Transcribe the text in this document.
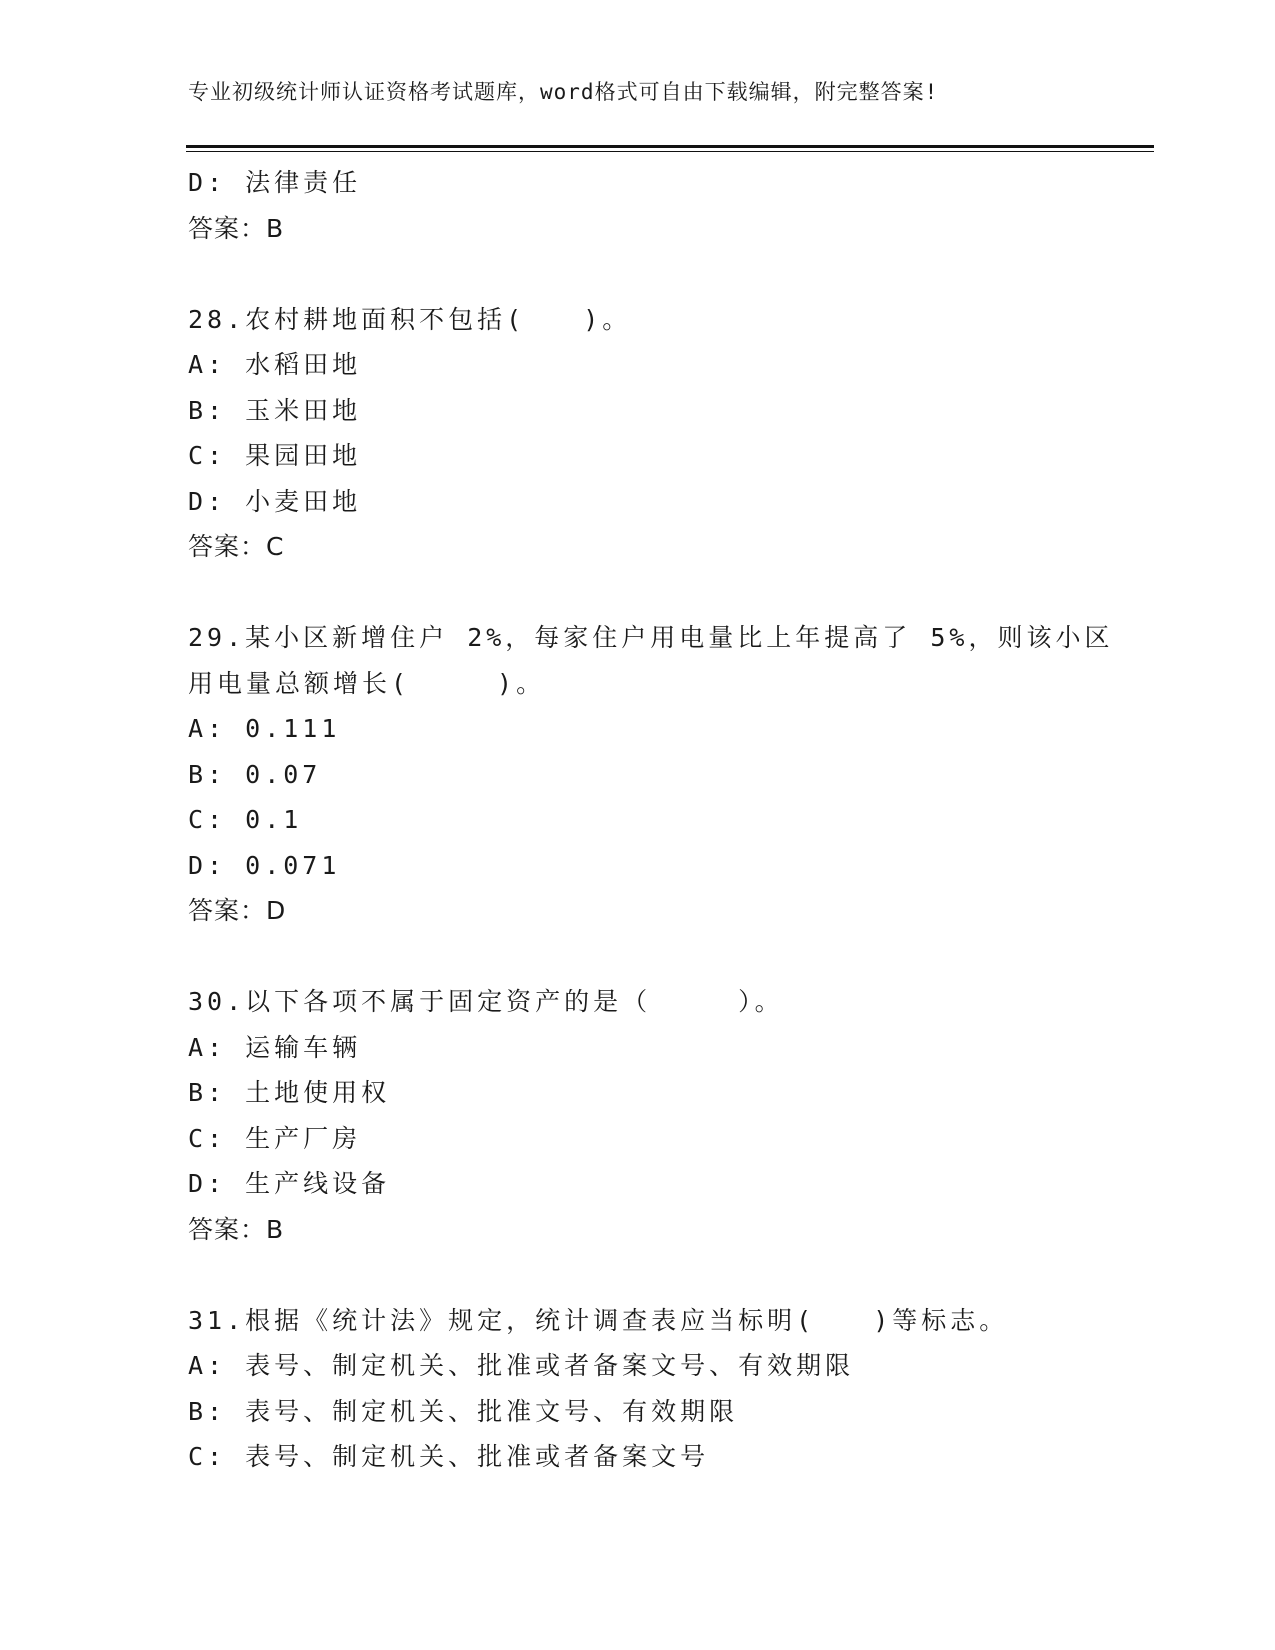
专业初级统计师认证资格考试题库，word格式可自由下载编辑，附完整答案!
D: 法律责任
答案：B
28.农村耕地面积不包括(　　)。
A: 水稻田地
B: 玉米田地
C: 果园田地
D: 小麦田地
答案：C
29.某小区新增住户 2%，每家住户用电量比上年提高了 5%，则该小区
用电量总额增长(　　　)。
A: 0.111
B: 0.07
C: 0.1
D: 0.071
答案：D
30.以下各项不属于固定资产的是（　　　）。
A: 运输车辆
B: 土地使用权
C: 生产厂房
D: 生产线设备
答案：B
31.根据《统计法》规定，统计调查表应当标明(　　)等标志。
A: 表号、制定机关、批准或者备案文号、有效期限
B: 表号、制定机关、批准文号、有效期限
C: 表号、制定机关、批准或者备案文号
